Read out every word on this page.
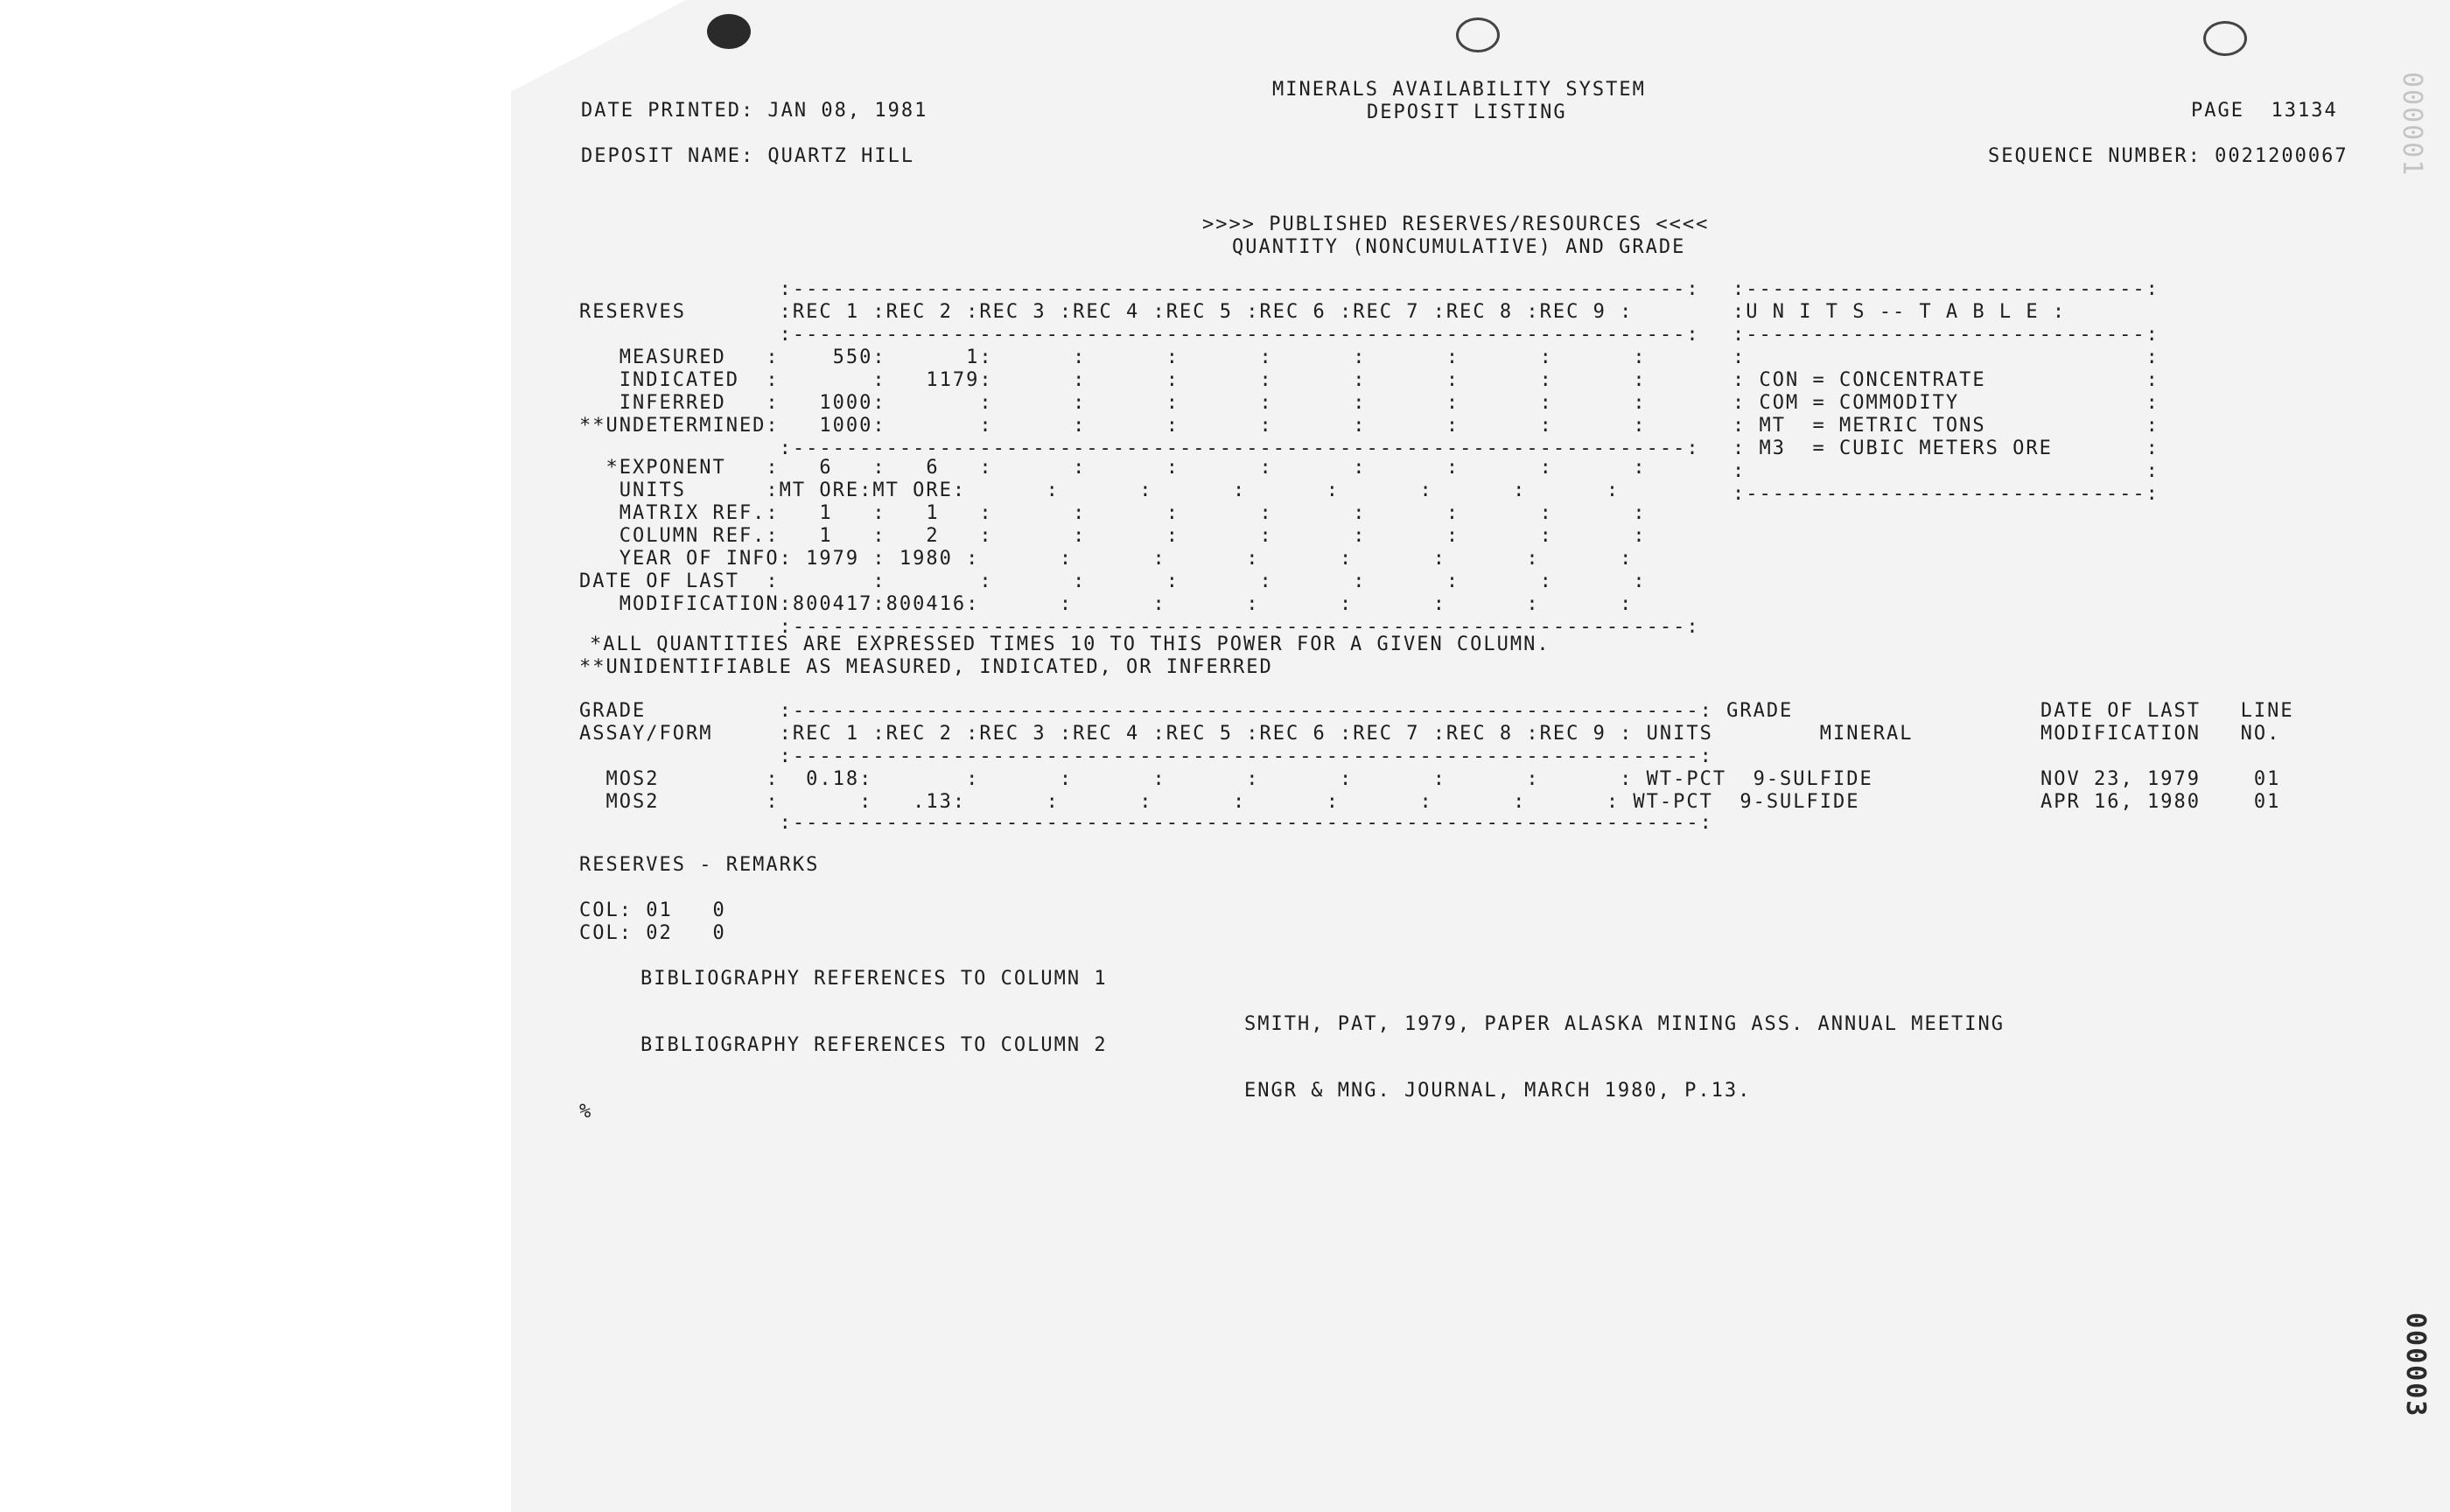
MINERALS AVAILABILITY SYSTEM
DEPOSIT LISTING
DATE PRINTED: JAN 08, 1981	PAGE  13134
DEPOSIT NAME: QUARTZ HILL	SEQUENCE NUMBER: 0021200067
>>>> PUBLISHED RESERVES/RESOURCES <<<<
QUANTITY (NONCUMULATIVE) AND GRADE
:-------------------------------------------------------------------:
RESERVES       :REC 1 :REC 2 :REC 3 :REC 4 :REC 5 :REC 6 :REC 7 :REC 8 :REC 9 :
:-------------------------------------------------------------------:
MEASURED   :    550:      1:      :      :      :      :      :      :      :
INDICATED  :       :   1179:      :      :      :      :      :      :      :
INFERRED   :   1000:       :      :      :      :      :      :      :      :
**UNDETERMINED:   1000:       :      :      :      :      :      :      :      :
:-------------------------------------------------------------------:
*EXPONENT   :   6   :   6   :      :      :      :      :      :      :      :
UNITS      :MT ORE:MT ORE:      :      :      :      :      :      :      :
MATRIX REF.:   1   :   1   :      :      :      :      :      :      :      :
COLUMN REF.:   1   :   2   :      :      :      :      :      :      :      :
YEAR OF INFO: 1979 : 1980 :      :      :      :      :      :      :      :
DATE OF LAST  :       :       :      :      :      :      :      :      :      :
MODIFICATION:800417:800416:      :      :      :      :      :      :      :
:-------------------------------------------------------------------:
:------------------------------:
:U N I T S -- T A B L E :
:------------------------------:
:                              :
: CON = CONCENTRATE            :
: COM = COMMODITY              :
: MT  = METRIC TONS            :
: M3  = CUBIC METERS ORE       :
:                              :
:------------------------------:
*ALL QUANTITIES ARE EXPRESSED TIMES 10 TO THIS POWER FOR A GIVEN COLUMN.
**UNIDENTIFIABLE AS MEASURED, INDICATED, OR INFERRED
GRADE          :--------------------------------------------------------------------: GRADE
ASSAY/FORM     :REC 1 :REC 2 :REC 3 :REC 4 :REC 5 :REC 6 :REC 7 :REC 8 :REC 9 : UNITS        MINERAL
:--------------------------------------------------------------------:
MOS2        :  0.18:       :      :      :      :      :      :      :      : WT-PCT  9-SULFIDE
MOS2        :      :   .13:      :      :      :      :      :      :      : WT-PCT  9-SULFIDE
:--------------------------------------------------------------------:
DATE OF LAST   LINE
MODIFICATION   NO.
NOV 23, 1979    01
APR 16, 1980    01
RESERVES - REMARKS
COL: 01   0
COL: 02   0
BIBLIOGRAPHY REFERENCES TO COLUMN 1
SMITH, PAT, 1979, PAPER ALASKA MINING ASS. ANNUAL MEETING
BIBLIOGRAPHY REFERENCES TO COLUMN 2
ENGR & MNG. JOURNAL, MARCH 1980, P.13.
%
000001
000003
